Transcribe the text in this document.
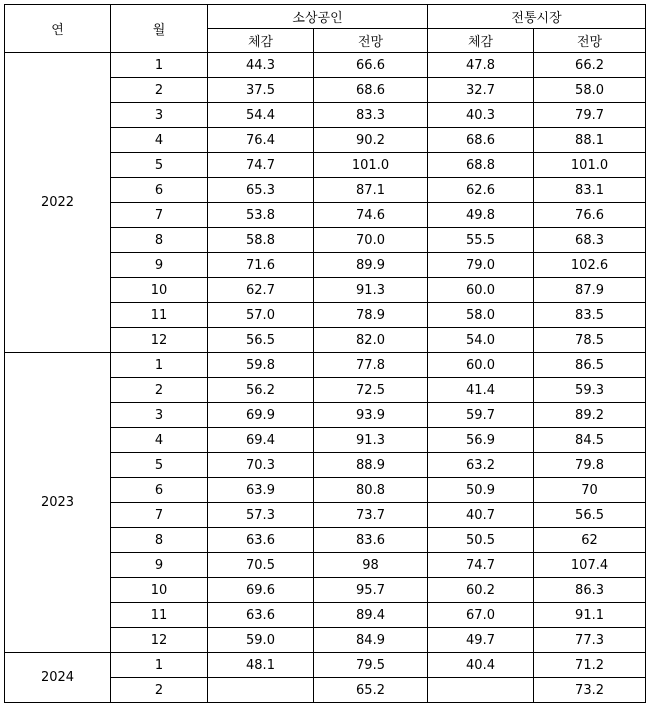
연	월	소상공인		전통시장	
		체감	전망	체감	전망
2022	1	44.3	66.6	47.8	66.2
	2	37.5	68.6	32.7	58.0
	3	54.4	83.3	40.3	79.7
	4	76.4	90.2	68.6	88.1
	5	74.7	101.0	68.8	101.0
	6	65.3	87.1	62.6	83.1
	7	53.8	74.6	49.8	76.6
	8	58.8	70.0	55.5	68.3
	9	71.6	89.9	79.0	102.6
	10	62.7	91.3	60.0	87.9
	11	57.0	78.9	58.0	83.5
	12	56.5	82.0	54.0	78.5
2023	1	59.8	77.8	60.0	86.5
	2	56.2	72.5	41.4	59.3
	3	69.9	93.9	59.7	89.2
	4	69.4	91.3	56.9	84.5
	5	70.3	88.9	63.2	79.8
	6	63.9	80.8	50.9	70
	7	57.3	73.7	40.7	56.5
	8	63.6	83.6	50.5	62
	9	70.5	98	74.7	107.4
	10	69.6	95.7	60.2	86.3
	11	63.6	89.4	67.0	91.1
	12	59.0	84.9	49.7	77.3
2024	1	48.1	79.5	40.4	71.2
	2		65.2		73.2
